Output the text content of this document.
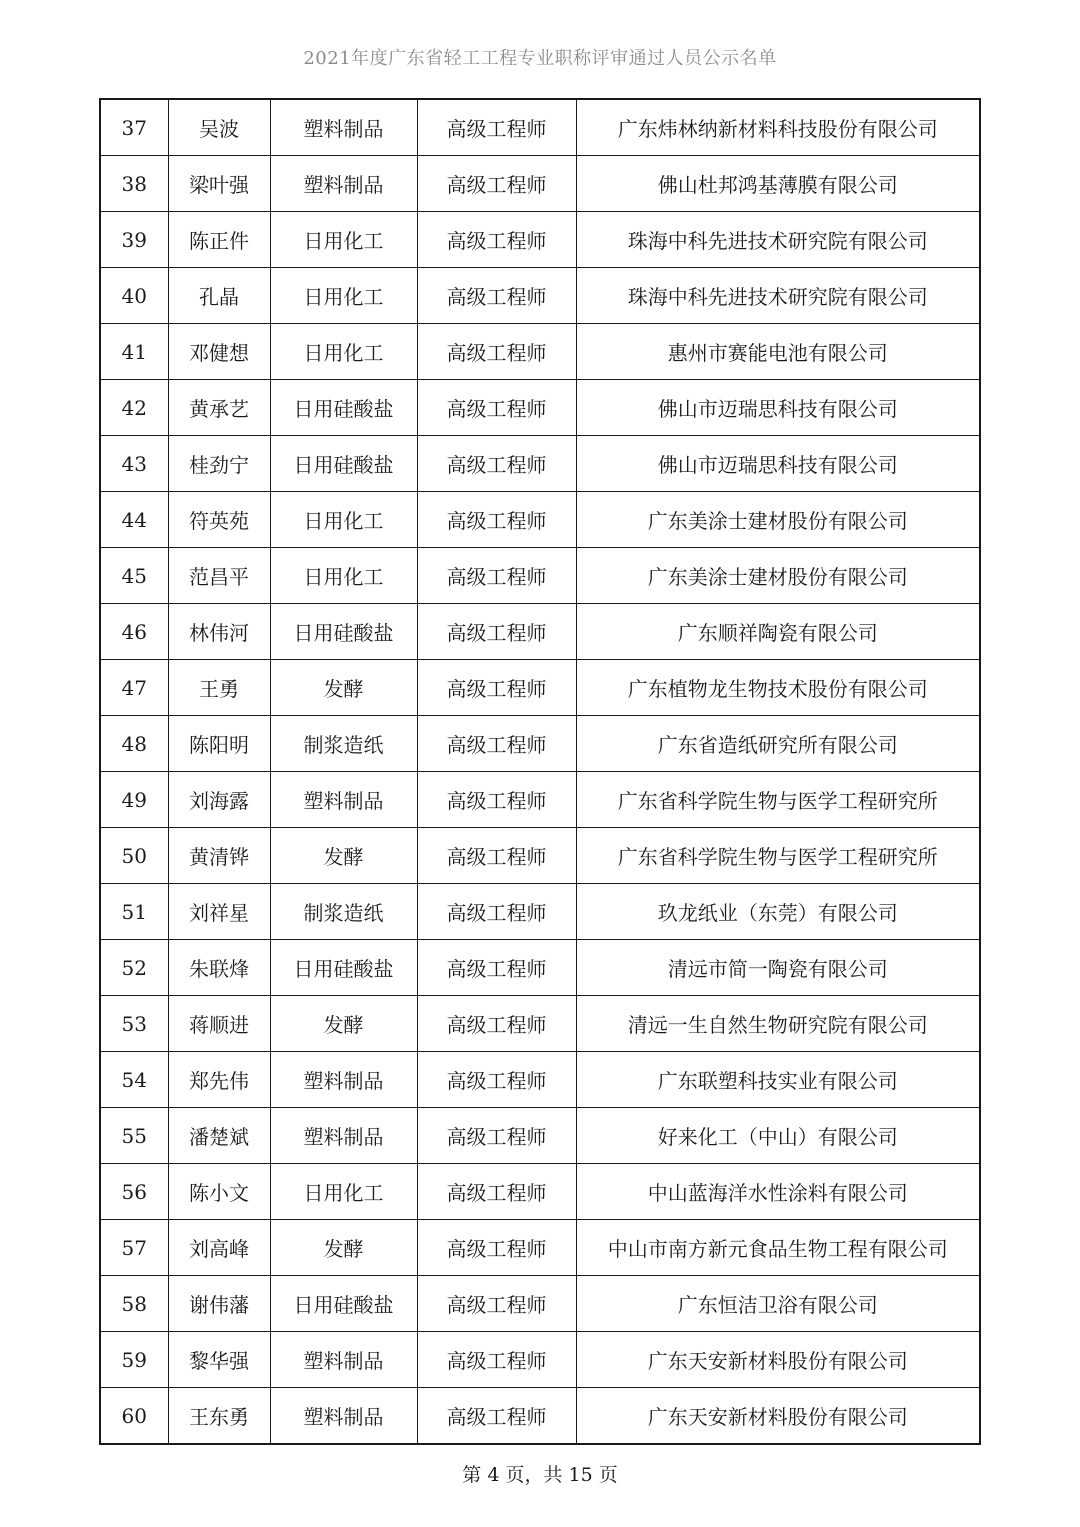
2021年度广东省轻工工程专业职称评审通过人员公示名单
37	吴波	塑料制品	高级工程师	广东炜林纳新材料科技股份有限公司
38	梁叶强	塑料制品	高级工程师	佛山杜邦鸿基薄膜有限公司
39	陈正件	日用化工	高级工程师	珠海中科先进技术研究院有限公司
40	孔晶	日用化工	高级工程师	珠海中科先进技术研究院有限公司
41	邓健想	日用化工	高级工程师	惠州市赛能电池有限公司
42	黄承艺	日用硅酸盐	高级工程师	佛山市迈瑞思科技有限公司
43	桂劲宁	日用硅酸盐	高级工程师	佛山市迈瑞思科技有限公司
44	符英苑	日用化工	高级工程师	广东美涂士建材股份有限公司
45	范昌平	日用化工	高级工程师	广东美涂士建材股份有限公司
46	林伟河	日用硅酸盐	高级工程师	广东顺祥陶瓷有限公司
47	王勇	发酵	高级工程师	广东植物龙生物技术股份有限公司
48	陈阳明	制浆造纸	高级工程师	广东省造纸研究所有限公司
49	刘海露	塑料制品	高级工程师	广东省科学院生物与医学工程研究所
50	黄清铧	发酵	高级工程师	广东省科学院生物与医学工程研究所
51	刘祥星	制浆造纸	高级工程师	玖龙纸业（东莞）有限公司
52	朱联烽	日用硅酸盐	高级工程师	清远市简一陶瓷有限公司
53	蒋顺进	发酵	高级工程师	清远一生自然生物研究院有限公司
54	郑先伟	塑料制品	高级工程师	广东联塑科技实业有限公司
55	潘楚斌	塑料制品	高级工程师	好来化工（中山）有限公司
56	陈小文	日用化工	高级工程师	中山蓝海洋水性涂料有限公司
57	刘高峰	发酵	高级工程师	中山市南方新元食品生物工程有限公司
58	谢伟藩	日用硅酸盐	高级工程师	广东恒洁卫浴有限公司
59	黎华强	塑料制品	高级工程师	广东天安新材料股份有限公司
60	王东勇	塑料制品	高级工程师	广东天安新材料股份有限公司
第 4 页，共 15 页
